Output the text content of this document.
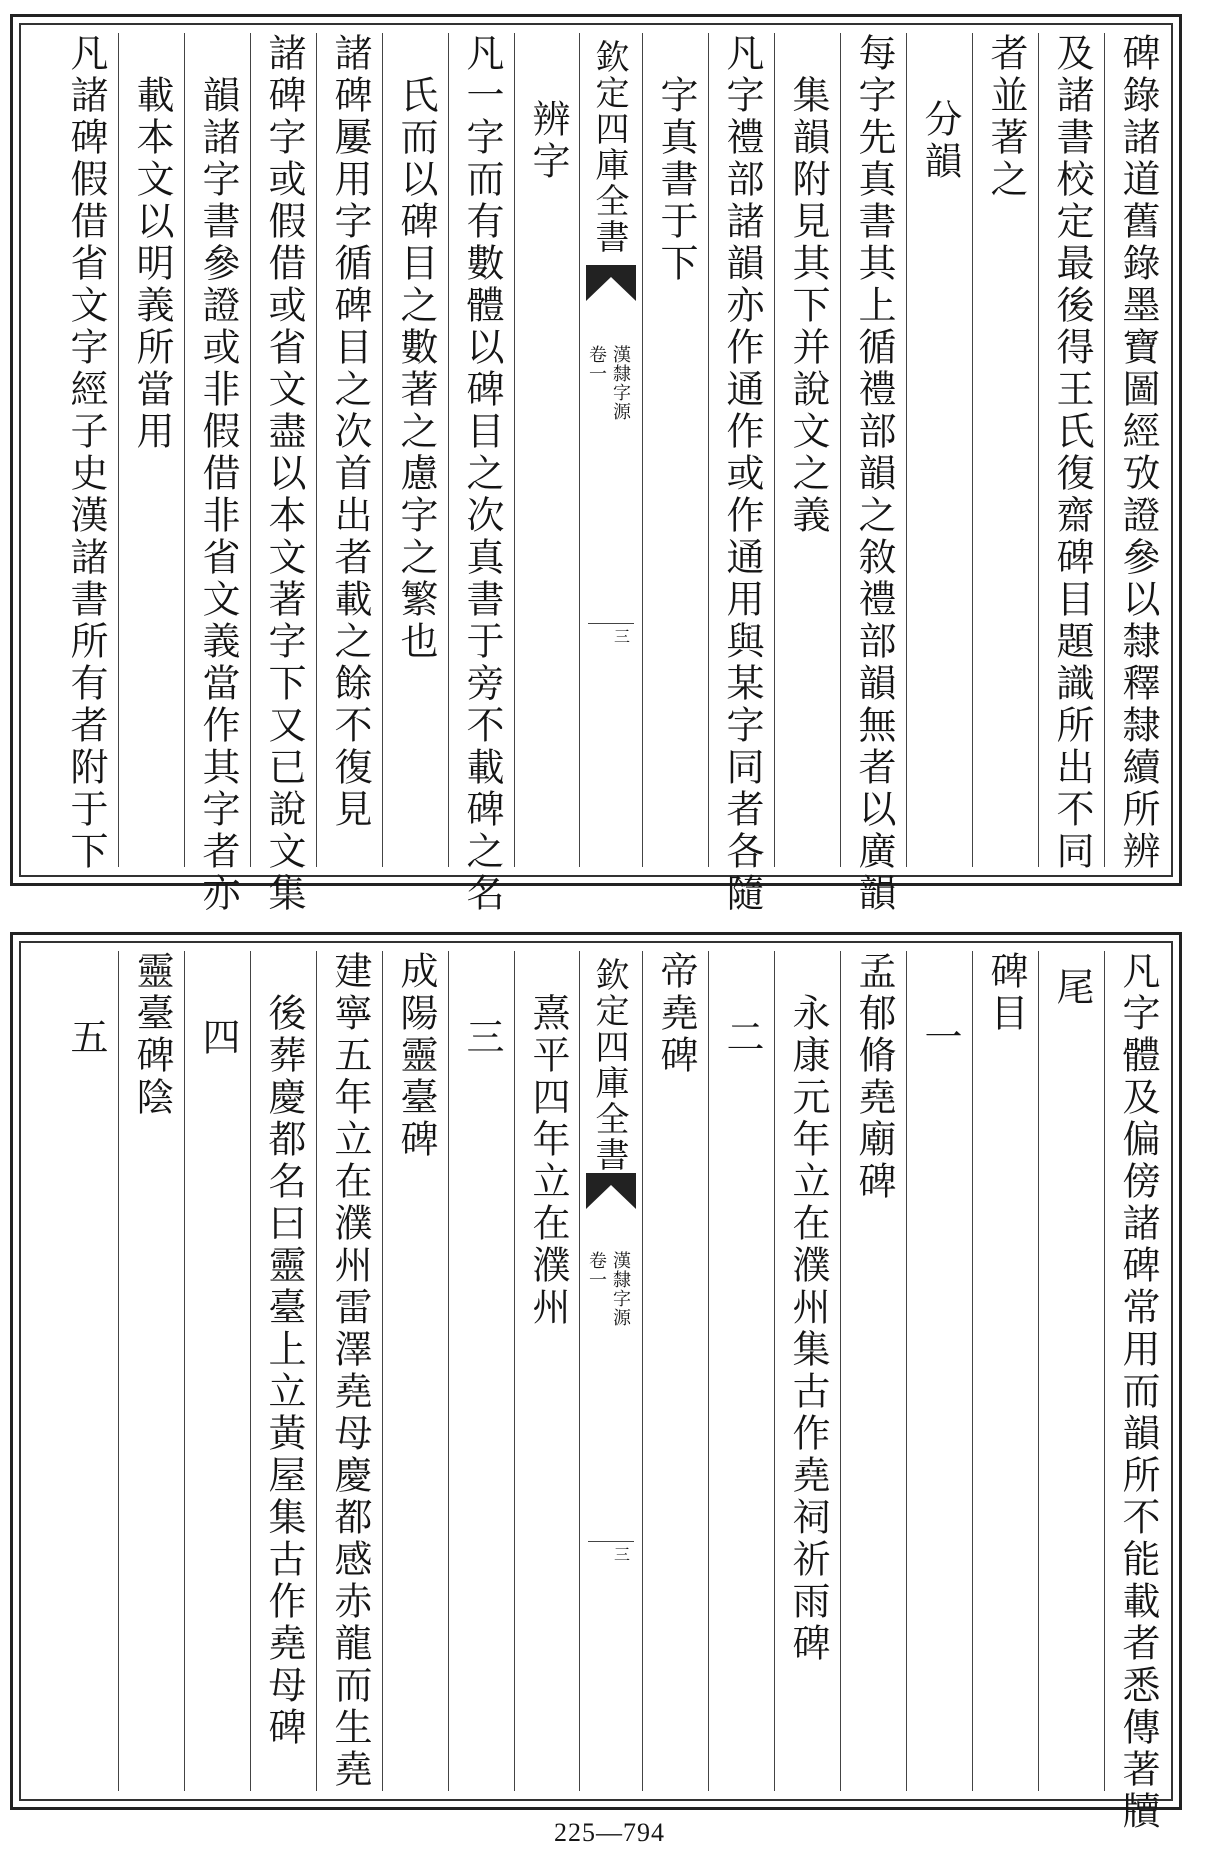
碑錄諸道舊錄墨寶圖經攷證參以隸釋隸續所辨
及諸書校定最後得王氏復齋碑目題識所出不同
者並著之
分韻
每字先真書其上循禮部韻之敘禮部韻無者以廣韻
集韻附見其下并說文之義
凡字禮部諸韻亦作通作或作通用與某字同者各隨
字真書于下
欽定四庫全書
漢隸字源
卷一
三
辨字
凡一字而有數體以碑目之次真書于旁不載碑之名
氏而以碑目之數著之慮字之繁也
諸碑屢用字循碑目之次首出者載之餘不復見
諸碑字或假借或省文盡以本文著字下又已說文集
韻諸字書參證或非假借非省文義當作其字者亦
載本文以明義所當用
凡諸碑假借省文字經子史漢諸書所有者附于下
凡字體及偏傍諸碑常用而韻所不能載者悉傳著牘
尾
碑目
一
孟郁脩堯廟碑
永康元年立在濮州集古作堯祠祈雨碑
二
帝堯碑
欽定四庫全書
漢隸字源
卷一
三
熹平四年立在濮州
三
成陽靈臺碑
建寧五年立在濮州雷澤堯母慶都感赤龍而生堯
後葬慶都名曰靈臺上立黃屋集古作堯母碑
四
靈臺碑陰
五
225—794
